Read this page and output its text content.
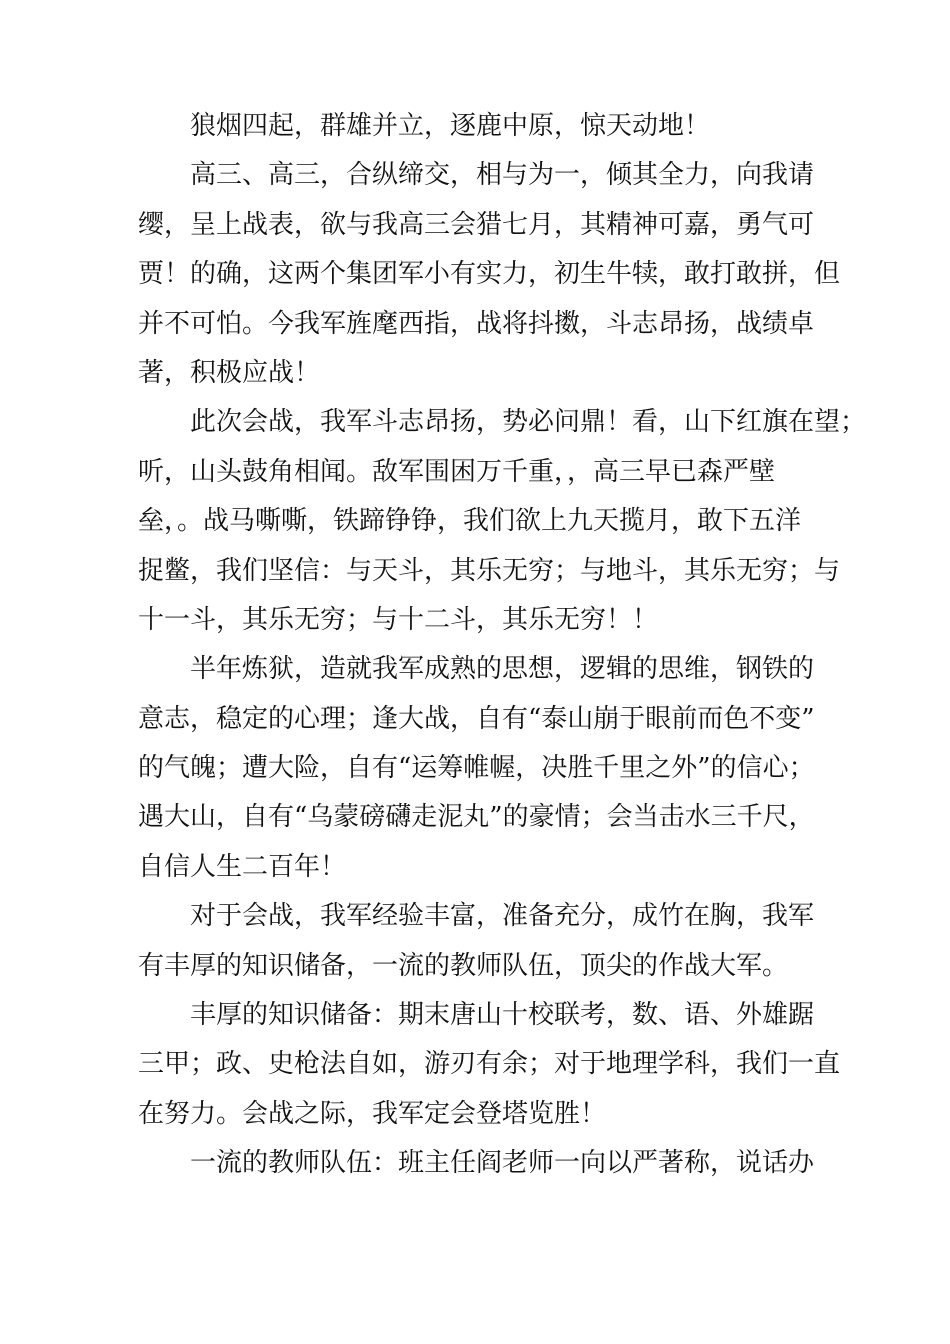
狼烟四起，群雄并立，逐鹿中原，惊天动地！
高三、高三，合纵缔交，相与为一，倾其全力，向我请
缨，呈上战表，欲与我高三会猎七月，其精神可嘉，勇气可
贾！的确，这两个集团军小有实力，初生牛犊，敢打敢拼，但
并不可怕。今我军旌麾西指，战将抖擞，斗志昂扬，战绩卓
著，积极应战！
此次会战，我军斗志昂扬，势必问鼎！看，山下红旗在望；
听，山头鼓角相闻。敌军围困万千重，，高三早已森严壁
垒，。战马嘶嘶，铁蹄铮铮，我们欲上九天揽月，敢下五洋
捉鳖，我们坚信：与天斗，其乐无穷；与地斗，其乐无穷；与
十一斗，其乐无穷；与十二斗，其乐无穷！！
半年炼狱，造就我军成熟的思想，逻辑的思维，钢铁的
意志，稳定的心理；逢大战，自有“泰山崩于眼前而色不变”
的气魄；遭大险，自有“运筹帷幄，决胜千里之外”的信心；
遇大山，自有“乌蒙磅礴走泥丸”的豪情；会当击水三千尺，
自信人生二百年！
对于会战，我军经验丰富，准备充分，成竹在胸，我军
有丰厚的知识储备，一流的教师队伍，顶尖的作战大军。
丰厚的知识储备：期末唐山十校联考，数、语、外雄踞
三甲；政、史枪法自如，游刃有余；对于地理学科，我们一直
在努力。会战之际，我军定会登塔览胜！
一流的教师队伍：班主任阎老师一向以严著称，说话办
